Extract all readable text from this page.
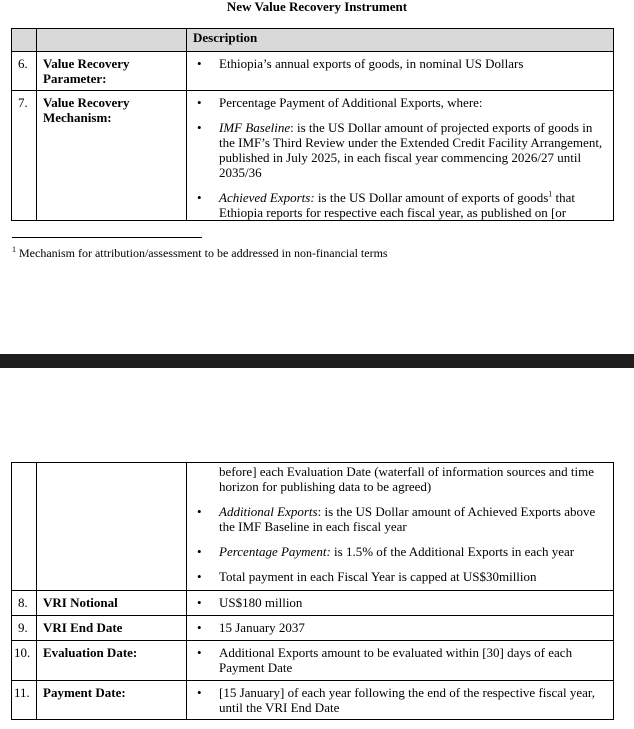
New Value Recovery Instrument
		Description
6.	Value Recovery Parameter:	• Ethiopia’s annual exports of goods, in nominal US Dollars

7.	Value Recovery Mechanism:	• Percentage Payment of Additional Exports, where:
• IMF Baseline: is the US Dollar amount of projected exports of goods in the IMF’s Third Review under the Extended Credit Facility Arrangement, published in July 2025, in each fiscal year commencing 2026/27 until 2035/36
• Achieved Exports: is the US Dollar amount of exports of goods$^1$ that Ethiopia reports for respective each fiscal year, as published on [or
$^1$ Mechanism for attribution/assessment to be addressed in non-financial terms

		before] each Evaluation Date (waterfall of information sources and time horizon for publishing data to be agreed)
• Additional Exports: is the US Dollar amount of Achieved Exports above the IMF Baseline in each fiscal year
• Percentage Payment: is 1.5% of the Additional Exports in each year
• Total payment in each Fiscal Year is capped at US$30million

8.	VRI Notional	• US$180 million

9.	VRI End Date	• 15 January 2037

10.	Evaluation Date:	• Additional Exports amount to be evaluated within [30] days of each Payment Date

11.	Payment Date:	• [15 January] of each year following the end of the respective fiscal year, until the VRI End Date
